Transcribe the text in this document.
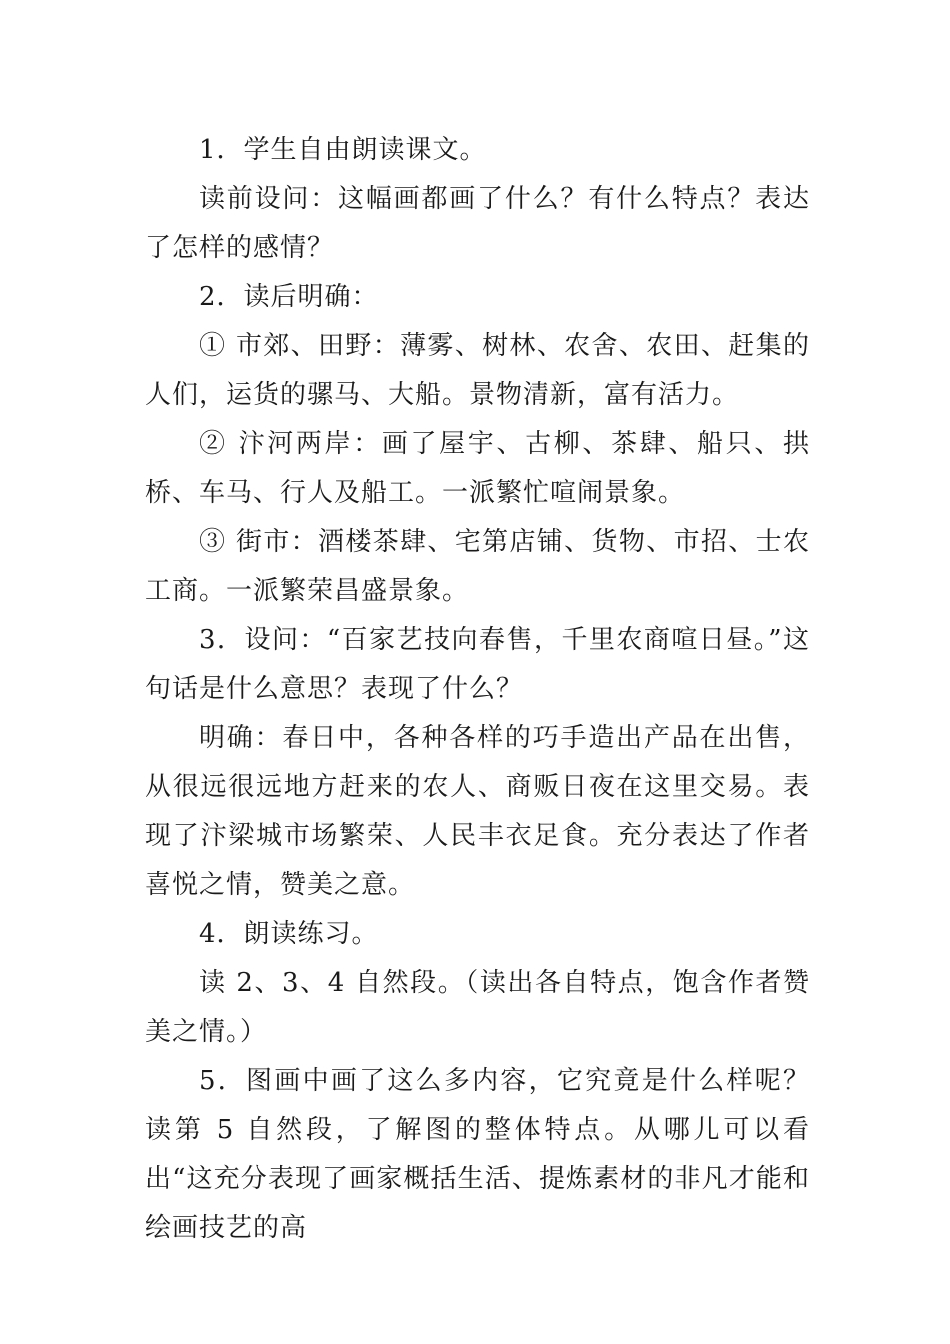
1．学生自由朗读课文。

读前设问：这幅画都画了什么？有什么特点？表达了怎样的感情？

2．读后明确：

① 市郊、田野：薄雾、树林、农舍、农田、赶集的人们，运货的骡马、大船。景物清新，富有活力。

② 汴河两岸：画了屋宇、古柳、茶肆、船只、拱桥、车马、行人及船工。一派繁忙喧闹景象。

③ 街市：酒楼茶肆、宅第店铺、货物、市招、士农工商。一派繁荣昌盛景象。

3．设问：“百家艺技向春售，千里农商喧日昼。”这句话是什么意思？表现了什么？

明确：春日中，各种各样的巧手造出产品在出售，从很远很远地方赶来的农人、商贩日夜在这里交易。表现了汴梁城市场繁荣、人民丰衣足食。充分表达了作者喜悦之情，赞美之意。

4．朗读练习。

读 2、3、4 自然段。（读出各自特点，饱含作者赞美之情。）

5．图画中画了这么多内容，它究竟是什么样呢？读第 5 自然段，了解图的整体特点。从哪儿可以看出“这充分表现了画家概括生活、提炼素材的非凡才能和绘画技艺的高
